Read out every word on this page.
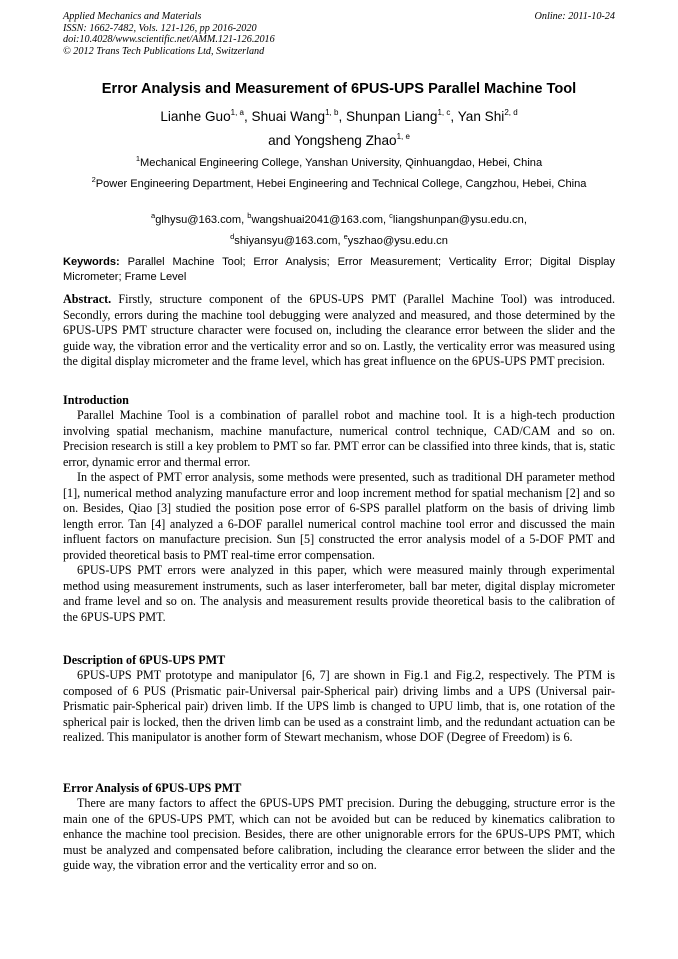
Applied Mechanics and Materials
ISSN: 1662-7482, Vols. 121-126, pp 2016-2020
doi:10.4028/www.scientific.net/AMM.121-126.2016
© 2012 Trans Tech Publications Ltd, Switzerland
Online: 2011-10-24
Error Analysis and Measurement of 6PUS-UPS Parallel Machine Tool
Lianhe Guo$^{1, a}$, Shuai Wang$^{1, b}$, Shunpan Liang$^{1, c}$, Yan Shi$^{2, d}$
and Yongsheng Zhao$^{1, e}$
$^1$Mechanical Engineering College, Yanshan University, Qinhuangdao, Hebei, China
$^2$Power Engineering Department, Hebei Engineering and Technical College, Cangzhou, Hebei, China
$^a$glhysu@163.com, $^b$wangshuai2041@163.com, $^c$liangshunpan@ysu.edu.cn,
$^d$shiyansyu@163.com, $^e$yszhao@ysu.edu.cn
Keywords: Parallel Machine Tool; Error Analysis; Error Measurement; Verticality Error; Digital Display Micrometer; Frame Level

Abstract. Firstly, structure component of the 6PUS-UPS PMT (Parallel Machine Tool) was introduced. Secondly, errors during the machine tool debugging were analyzed and measured, and those determined by the 6PUS-UPS PMT structure character were focused on, including the clearance error between the slider and the guide way, the vibration error and the verticality error and so on. Lastly, the verticality error was measured using the digital display micrometer and the frame level, which has great influence on the 6PUS-UPS PMT precision.

Introduction

Parallel Machine Tool is a combination of parallel robot and machine tool. It is a high-tech production involving spatial mechanism, machine manufacture, numerical control technique, CAD/CAM and so on. Precision research is still a key problem to PMT so far. PMT error can be classified into three kinds, that is, static error, dynamic error and thermal error.

In the aspect of PMT error analysis, some methods were presented, such as traditional DH parameter method [1], numerical method analyzing manufacture error and loop increment method for spatial mechanism [2] and so on. Besides, Qiao [3] studied the position pose error of 6-SPS parallel platform on the basis of driving limb length error. Tan [4] analyzed a 6-DOF parallel numerical control machine tool error and discussed the main influent factors on manufacture precision. Sun [5] constructed the error analysis model of a 5-DOF PMT and provided theoretical basis to PMT real-time error compensation.

6PUS-UPS PMT errors were analyzed in this paper, which were measured mainly through experimental method using measurement instruments, such as laser interferometer, ball bar meter, digital display micrometer and frame level and so on. The analysis and measurement results provide theoretical basis to the calibration of the 6PUS-UPS PMT.

Description of 6PUS-UPS PMT

6PUS-UPS PMT prototype and manipulator [6, 7] are shown in Fig.1 and Fig.2, respectively. The PTM is composed of 6 PUS (Prismatic pair-Universal pair-Spherical pair) driving limbs and a UPS (Universal pair-Prismatic pair-Spherical pair) driven limb. If the UPS limb is changed to UPU limb, that is, one rotation of the spherical pair is locked, then the driven limb can be used as a constraint limb, and the redundant actuation can be realized. This manipulator is another form of Stewart mechanism, whose DOF (Degree of Freedom) is 6.

Error Analysis of 6PUS-UPS PMT

There are many factors to affect the 6PUS-UPS PMT precision. During the debugging, structure error is the main one of the 6PUS-UPS PMT, which can not be avoided but can be reduced by kinematics calibration to enhance the machine tool precision. Besides, there are other unignorable errors for the 6PUS-UPS PMT, which must be analyzed and compensated before calibration, including the clearance error between the slider and the guide way, the vibration error and the verticality error and so on.
